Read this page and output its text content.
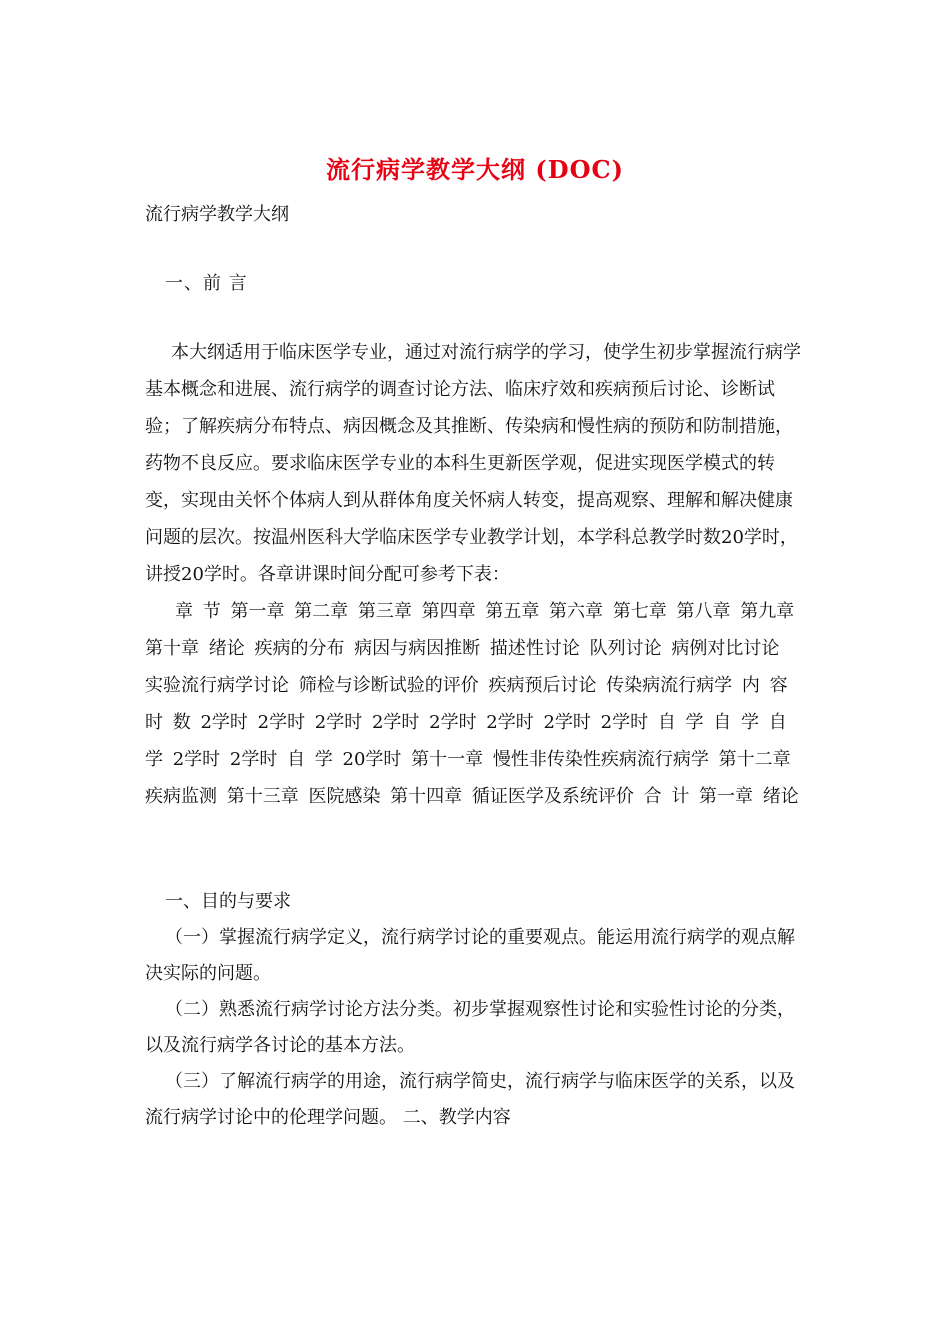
流行病学教学大纲 (DOC)
流行病学教学大纲
一、前 言

本大纲适用于临床医学专业，通过对流行病学的学习，使学生初步掌握流行病学基本概念和进展、流行病学的调查讨论方法、临床疗效和疾病预后讨论、诊断试验；了解疾病分布特点、病因概念及其推断、传染病和慢性病的预防和防制措施，药物不良反应。要求临床医学专业的本科生更新医学观，促进实现医学模式的转变，实现由关怀个体病人到从群体角度关怀病人转变，提高观察、理解和解决健康问题的层次。按温州医科大学临床医学专业教学计划，本学科总教学时数20学时，讲授20学时。各章讲课时间分配可参考下表：

章 节 第一章 第二章 第三章 第四章 第五章 第六章 第七章 第八章 第九章 第十章 绪论 疾病的分布 病因与病因推断 描述性讨论 队列讨论 病例对比讨论 实验流行病学讨论 筛检与诊断试验的评价 疾病预后讨论 传染病流行病学 内 容 时 数 2学时 2学时 2学时 2学时 2学时 2学时 2学时 2学时 自 学 自 学 自 学 2学时 2学时 自 学 20学时 第十一章 慢性非传染性疾病流行病学 第十二章 疾病监测 第十三章 医院感染 第十四章 循证医学及系统评价 合 计 第一章 绪论

一、目的与要求

（一）掌握流行病学定义，流行病学讨论的重要观点。能运用流行病学的观点解决实际的问题。

（二）熟悉流行病学讨论方法分类。初步掌握观察性讨论和实验性讨论的分类，以及流行病学各讨论的基本方法。

（三）了解流行病学的用途，流行病学简史，流行病学与临床医学的关系，以及流行病学讨论中的伦理学问题。 二、教学内容
